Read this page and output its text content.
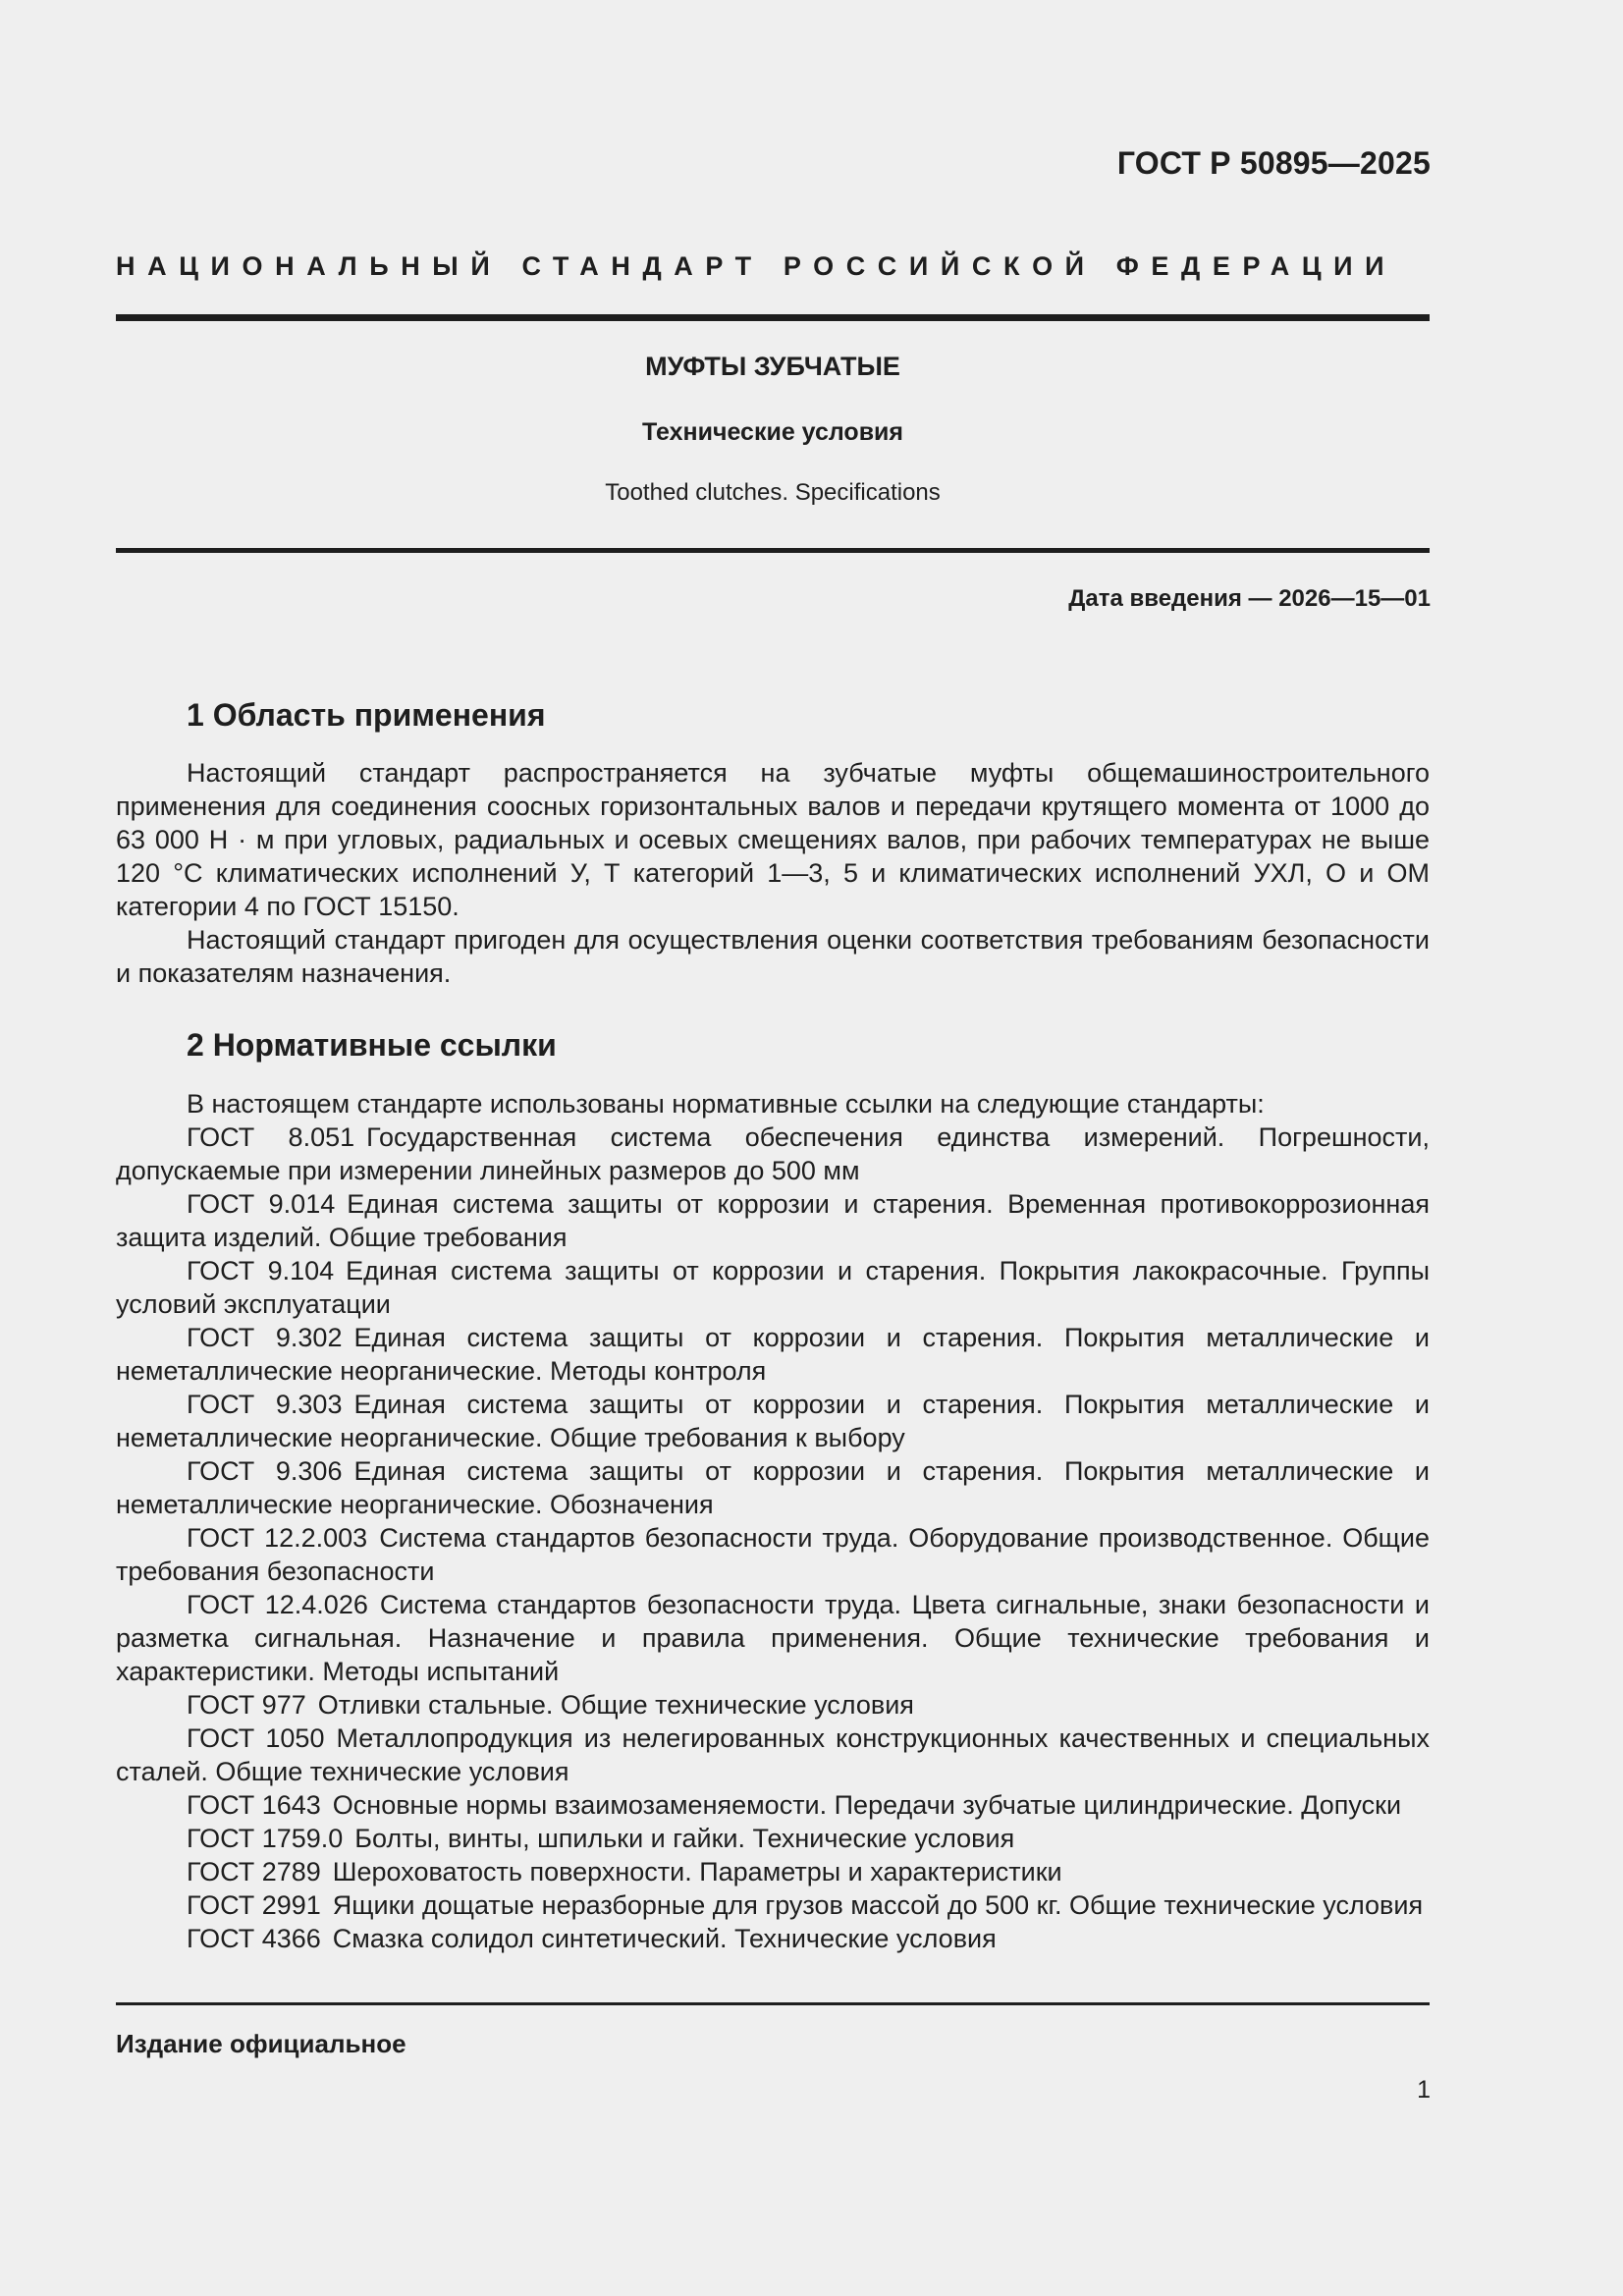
ГОСТ Р 50895—2025
НАЦИОНАЛЬНЫЙ СТАНДАРТ РОССИЙСКОЙ ФЕДЕРАЦИИ
МУФТЫ ЗУБЧАТЫЕ
Технические условия
Toothed clutches. Specifications
Дата введения — 2026—15—01
1 Область применения

Настоящий стандарт распространяется на зубчатые муфты общемашиностроительного применения для соединения соосных горизонтальных валов и передачи крутящего момента от 1000 до 63 000 Н · м при угловых, радиальных и осевых смещениях валов, при рабочих температурах не выше 120 °С климатических исполнений У, Т категорий 1—3, 5 и климатических исполнений УХЛ, О и ОМ категории 4 по ГОСТ 15150.

Настоящий стандарт пригоден для осуществления оценки соответствия требованиям безопасности и показателям назначения.

2 Нормативные ссылки

В настоящем стандарте использованы нормативные ссылки на следующие стандарты:

ГОСТ 8.051 Государственная система обеспечения единства измерений. Погрешности, допускаемые при измерении линейных размеров до 500 мм

ГОСТ 9.014 Единая система защиты от коррозии и старения. Временная противокоррозионная защита изделий. Общие требования

ГОСТ 9.104 Единая система защиты от коррозии и старения. Покрытия лакокрасочные. Группы условий эксплуатации

ГОСТ 9.302 Единая система защиты от коррозии и старения. Покрытия металлические и неметаллические неорганические. Методы контроля

ГОСТ 9.303 Единая система защиты от коррозии и старения. Покрытия металлические и неметаллические неорганические. Общие требования к выбору

ГОСТ 9.306 Единая система защиты от коррозии и старения. Покрытия металлические и неметаллические неорганические. Обозначения

ГОСТ 12.2.003 Система стандартов безопасности труда. Оборудование производственное. Общие требования безопасности

ГОСТ 12.4.026 Система стандартов безопасности труда. Цвета сигнальные, знаки безопасности и разметка сигнальная. Назначение и правила применения. Общие технические требования и характеристики. Методы испытаний

ГОСТ 977 Отливки стальные. Общие технические условия

ГОСТ 1050 Металлопродукция из нелегированных конструкционных качественных и специальных сталей. Общие технические условия

ГОСТ 1643 Основные нормы взаимозаменяемости. Передачи зубчатые цилиндрические. Допуски

ГОСТ 1759.0 Болты, винты, шпильки и гайки. Технические условия

ГОСТ 2789 Шероховатость поверхности. Параметры и характеристики

ГОСТ 2991 Ящики дощатые неразборные для грузов массой до 500 кг. Общие технические условия

ГОСТ 4366 Смазка солидол синтетический. Технические условия

Издание официальное
1
